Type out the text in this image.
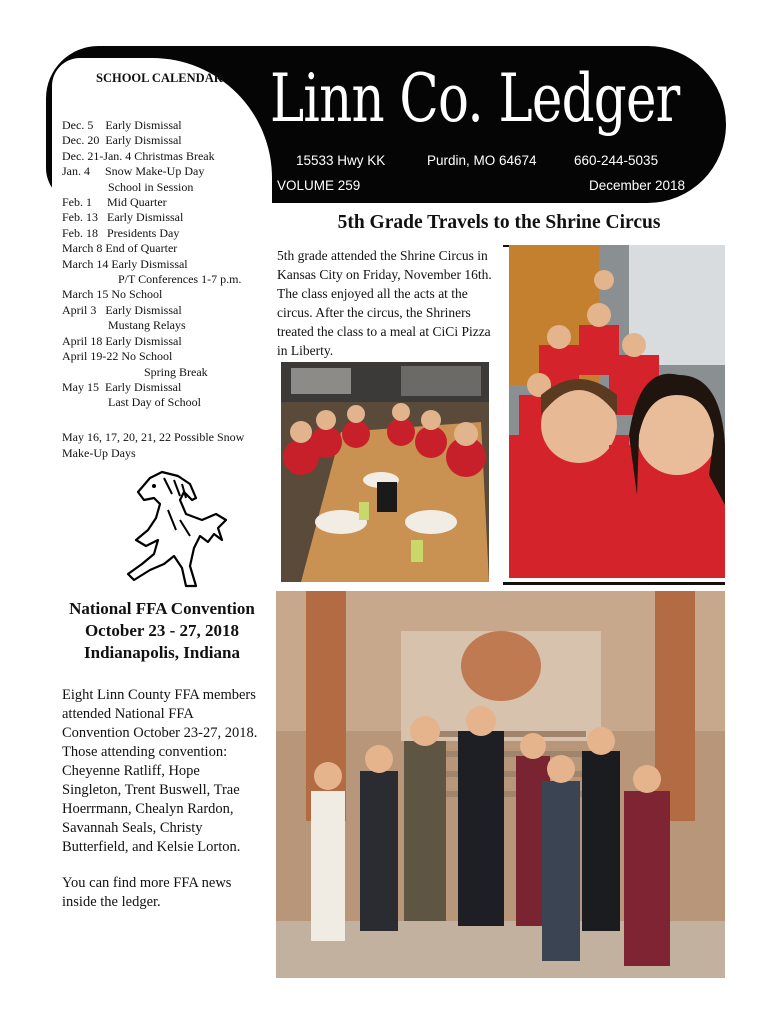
Linn Co. Ledger
15533 Hwy KK	Purdin, MO 64674	660-244-5035
VOLUME 259	December 2018
SCHOOL CALENDAR
Dec. 5    Early Dismissal
Dec. 20  Early Dismissal
Dec. 21-Jan. 4 Christmas Break
Jan. 4     Snow Make-Up Day
School in Session
Feb. 1     Mid Quarter
Feb. 13   Early Dismissal
Feb. 18   Presidents Day
March 8 End of Quarter
March 14 Early Dismissal
P/T Conferences 1-7 p.m.
March 15 No School
April 3   Early Dismissal
Mustang Relays
April 18 Early Dismissal
April 19-22 No School
Spring Break
May 15  Early Dismissal
Last Day of School
May 16, 17, 20, 21, 22 Possible Snow Make-Up Days
National FFA Convention
October 23 - 27, 2018
Indianapolis, Indiana
Eight Linn County FFA members attended National FFA Convention October 23-27, 2018. Those attending convention: Cheyenne Ratliff, Hope Singleton, Trent Buswell, Trae Hoerrmann, Chealyn Rardon, Savannah Seals, Christy Butterfield, and Kelsie Lorton.
You can find more FFA news inside the ledger.
5th Grade Travels to the Shrine Circus
5th grade attended the Shrine Circus in Kansas City on Friday, November 16th. The class enjoyed all the acts at the circus. After the circus, the Shriners treated the class to a meal at CiCi Pizza in Liberty.
